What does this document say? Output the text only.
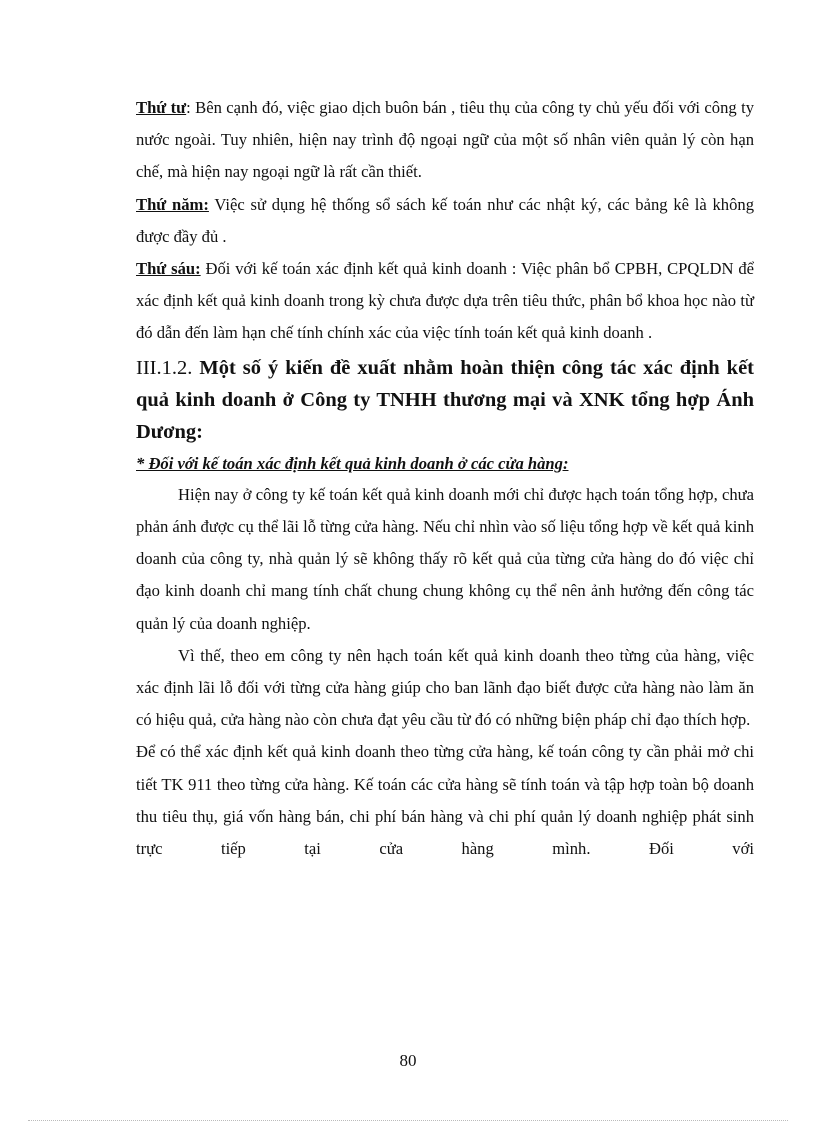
Thứ tư: Bên cạnh đó, việc giao dịch buôn bán , tiêu thụ của công ty chủ yếu đối với công ty nước ngoài. Tuy nhiên, hiện nay trình độ ngoại ngữ của một số nhân viên quản lý còn hạn chế, mà hiện nay ngoại ngữ là rất cần thiết.

Thứ năm: Việc sử dụng hệ thống sổ sách kế toán như các nhật ký, các bảng kê là không được đầy đủ .

Thứ sáu: Đối với kế toán xác định kết quả kinh doanh : Việc phân bổ CPBH, CPQLDN để xác định kết quả kinh doanh trong kỳ chưa được dựa trên tiêu thức, phân bổ khoa học nào từ đó dẫn đến làm hạn chế tính chính xác của việc tính toán kết quả kinh doanh .

III.1.2. Một số ý kiến đề xuất nhằm hoàn thiện công tác xác định kết quả kinh doanh ở Công ty TNHH thương mại và XNK tổng hợp Ánh Dương:

* Đối với kế toán xác định kết quả kinh doanh ở các cửa hàng:

Hiện nay ở công ty kế toán kết quả kinh doanh mới chỉ được hạch toán tổng hợp, chưa phản ánh được cụ thể lãi lỗ từng cửa hàng. Nếu chỉ nhìn vào số liệu tổng hợp về kết quả kinh doanh của công ty, nhà quản lý sẽ không thấy rõ kết quả của từng cửa hàng do đó việc chỉ đạo kinh doanh chỉ mang tính chất chung chung không cụ thể nên ảnh hưởng đến công tác quản lý của doanh nghiệp.

Vì thế, theo em công ty nên hạch toán kết quả kinh doanh theo từng của hàng, việc xác định lãi lỗ đối với từng cửa hàng giúp cho ban lãnh đạo biết được cửa hàng nào làm ăn có hiệu quả, cửa hàng nào còn chưa đạt yêu cầu từ đó có những biện pháp chỉ đạo thích hợp.

Để có thể xác định kết quả kinh doanh theo từng cửa hàng, kế toán công ty cần phải mở chi tiết TK 911 theo từng cửa hàng. Kế toán các cửa hàng sẽ tính toán và tập hợp toàn bộ doanh thu tiêu thụ, giá vốn hàng bán, chi phí bán hàng và chi phí quản lý doanh nghiệp phát sinh trực tiếp tại cửa hàng mình. Đối với

80
